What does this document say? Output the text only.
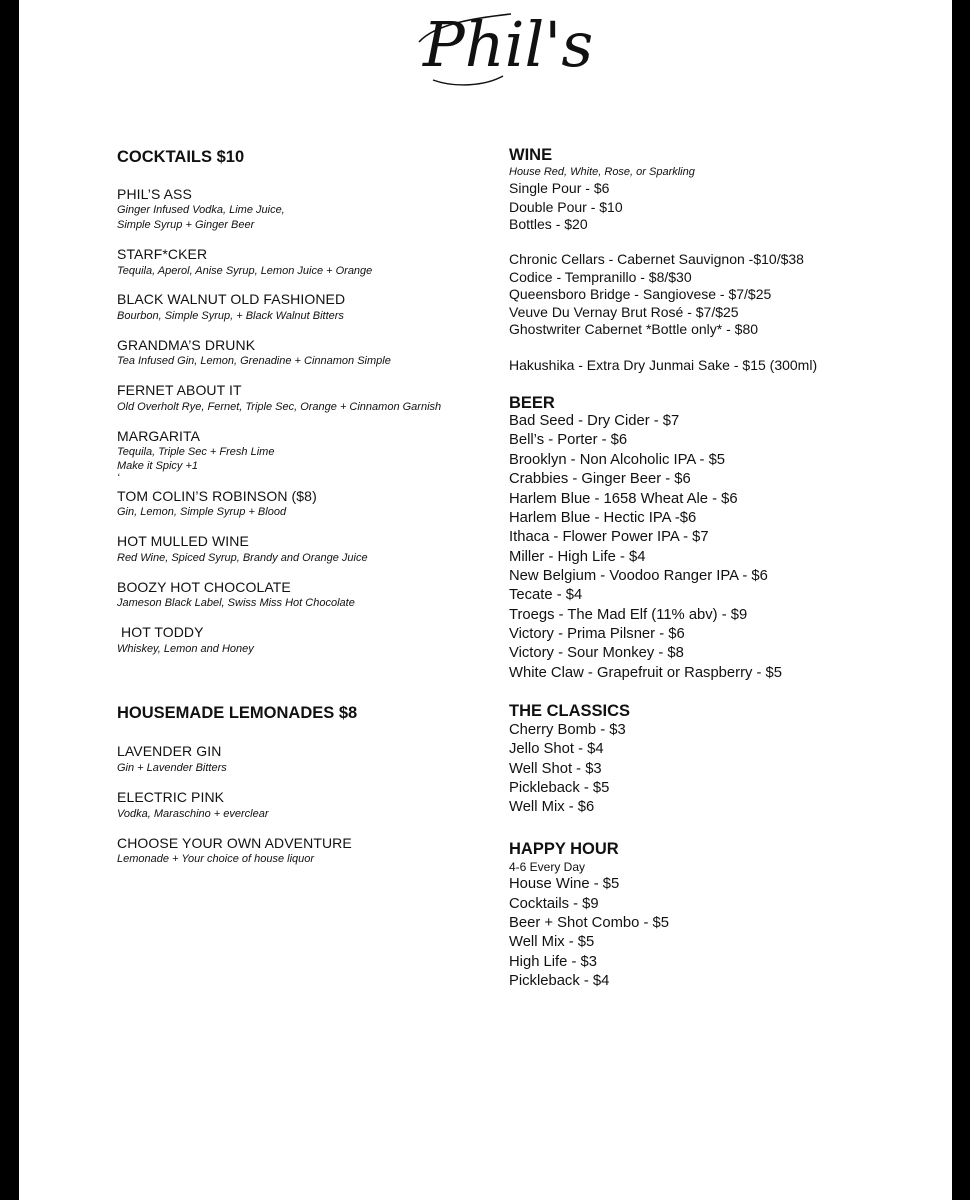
Phil's
COCKTAILS $10
PHIL’S ASS
Ginger Infused Vodka, Lime Juice,
Simple Syrup + Ginger Beer
STARF*CKER
Tequila, Aperol, Anise Syrup, Lemon Juice + Orange
BLACK WALNUT OLD FASHIONED
Bourbon, Simple Syrup, + Black Walnut Bitters
GRANDMA’S DRUNK
Tea Infused Gin, Lemon, Grenadine + Cinnamon Simple
FERNET ABOUT IT
Old Overholt Rye, Fernet, Triple Sec, Orange + Cinnamon Garnish
MARGARITA
Tequila, Triple Sec + Fresh Lime
Make it Spicy +1
‘
TOM COLIN’S ROBINSON ($8)
Gin, Lemon, Simple Syrup + Blood
HOT MULLED WINE
Red Wine, Spiced Syrup, Brandy and Orange Juice
BOOZY HOT CHOCOLATE
Jameson Black Label, Swiss Miss Hot Chocolate
HOT TODDY
Whiskey, Lemon and Honey
HOUSEMADE LEMONADES $8
LAVENDER GIN
Gin + Lavender Bitters
ELECTRIC PINK
Vodka, Maraschino + everclear
CHOOSE YOUR OWN ADVENTURE
Lemonade + Your choice of house liquor
WINE
House Red, White, Rose, or Sparkling
Single Pour - $6
Double Pour - $10
Bottles - $20
Chronic Cellars - Cabernet Sauvignon -$10/$38
Codice - Tempranillo - $8/$30
Queensboro Bridge - Sangiovese - $7/$25
Veuve Du Vernay Brut Rosé - $7/$25
Ghostwriter Cabernet *Bottle only* - $80
Hakushika - Extra Dry Junmai Sake - $15 (300ml)
BEER
Bad Seed - Dry Cider - $7
Bell’s - Porter - $6
Brooklyn - Non Alcoholic IPA - $5
Crabbies - Ginger Beer - $6
Harlem Blue - 1658 Wheat Ale - $6
Harlem Blue - Hectic IPA -$6
Ithaca - Flower Power IPA - $7
Miller - High Life - $4
New Belgium - Voodoo Ranger IPA - $6
Tecate - $4
Troegs - The Mad Elf (11% abv) - $9
Victory - Prima Pilsner - $6
Victory - Sour Monkey - $8
White Claw - Grapefruit or Raspberry - $5
THE CLASSICS
Cherry Bomb - $3
Jello Shot - $4
Well Shot - $3
Pickleback - $5
Well Mix - $6
HAPPY HOUR
4-6 Every Day
House Wine - $5
Cocktails - $9
Beer + Shot Combo - $5
Well Mix - $5
High Life - $3
Pickleback - $4
